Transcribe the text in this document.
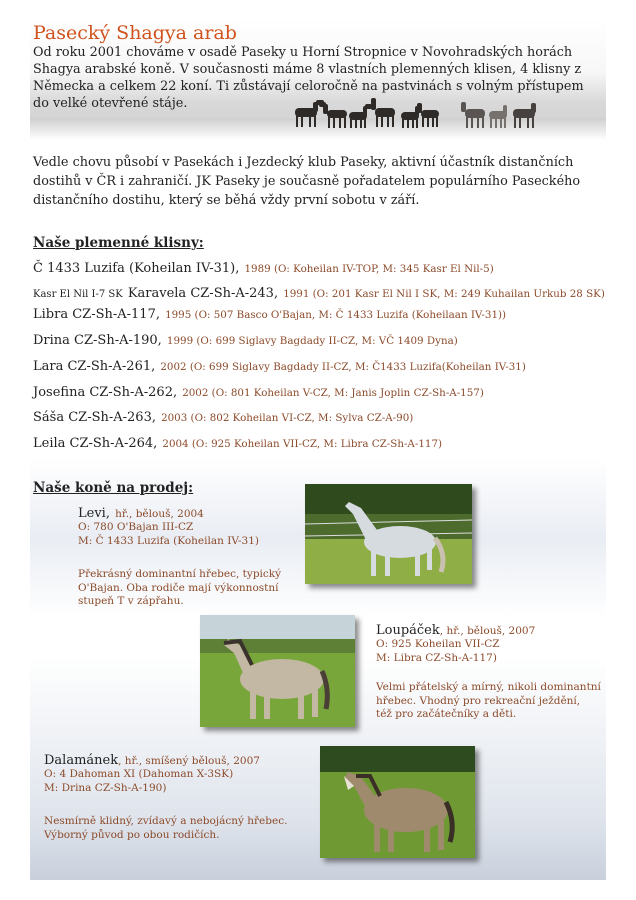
Pasecký Shagya arab

Od roku 2001 chováme v osadě Paseky u Horní Stropnice v Novohradských horách Shagya arabské koně. V současnosti máme 8 vlastních plemenných klisen, 4 klisny z Německa a celkem 22 koní. Ti zůstávají celoročně na pastvinách s volným přístupem do velké otevřené stáje.

Vedle chovu působí v Pasekách i Jezdecký klub Paseky, aktivní účastník distančních dostihů v ČR i zahraničí. JK Paseky je současně pořadatelem populárního Paseckého distančního dostihu, který se běhá vždy první sobotu v září.

Naše plemenné klisny:

Č 1433 Luzifa (Koheilan IV-31), 1989 (O: Koheilan IV-TOP, M: 345 Kasr El Nil-5)

Kasr El Nil I-7 SK Karavela CZ-Sh-A-243, 1991 (O: 201 Kasr El Nil I SK, M: 249 Kuhailan Urkub 28 SK)

Libra CZ-Sh-A-117, 1995 (O: 507 Basco O'Bajan, M: Č 1433 Luzifa (Koheilaan IV-31))

Drina CZ-Sh-A-190, 1999 (O: 699 Siglavy Bagdady II-CZ, M: VČ 1409 Dyna)

Lara CZ-Sh-A-261, 2002 (O: 699 Siglavy Bagdady II-CZ, M: Č1433 Luzifa(Koheilan IV-31)

Josefina CZ-Sh-A-262, 2002 (O: 801 Koheilan V-CZ, M: Janis Joplin CZ-Sh-A-157)

Sáša CZ-Sh-A-263, 2003 (O: 802 Koheilan VI-CZ, M: Sylva CZ-A-90)

Leila CZ-Sh-A-264, 2004 (O: 925 Koheilan VII-CZ, M: Libra CZ-Sh-A-117)

Naše koně na prodej:
Levi, hř., bělouš, 2004
O: 780 O'Bajan III-CZ
M: Č 1433 Luzifa (Koheilan IV-31)
Překrásný dominantní hřebec, typický
O'Bajan. Oba rodiče mají výkonnostní
stupeň T v zápřahu.
Loupáček, hř., bělouš, 2007
O: 925 Koheilan VII-CZ
M: Libra CZ-Sh-A-117)
Velmi přátelský a mírný, nikoli dominantní
hřebec. Vhodný pro rekreační ježdění,
též pro začátečníky a děti.
Dalamánek, hř., smíšený bělouš, 2007
O: 4 Dahoman XI (Dahoman X-3SK)
M: Drina CZ-Sh-A-190)
Nesmírně klidný, zvídavý a nebojácný hřebec.
Výborný původ po obou rodičích.
